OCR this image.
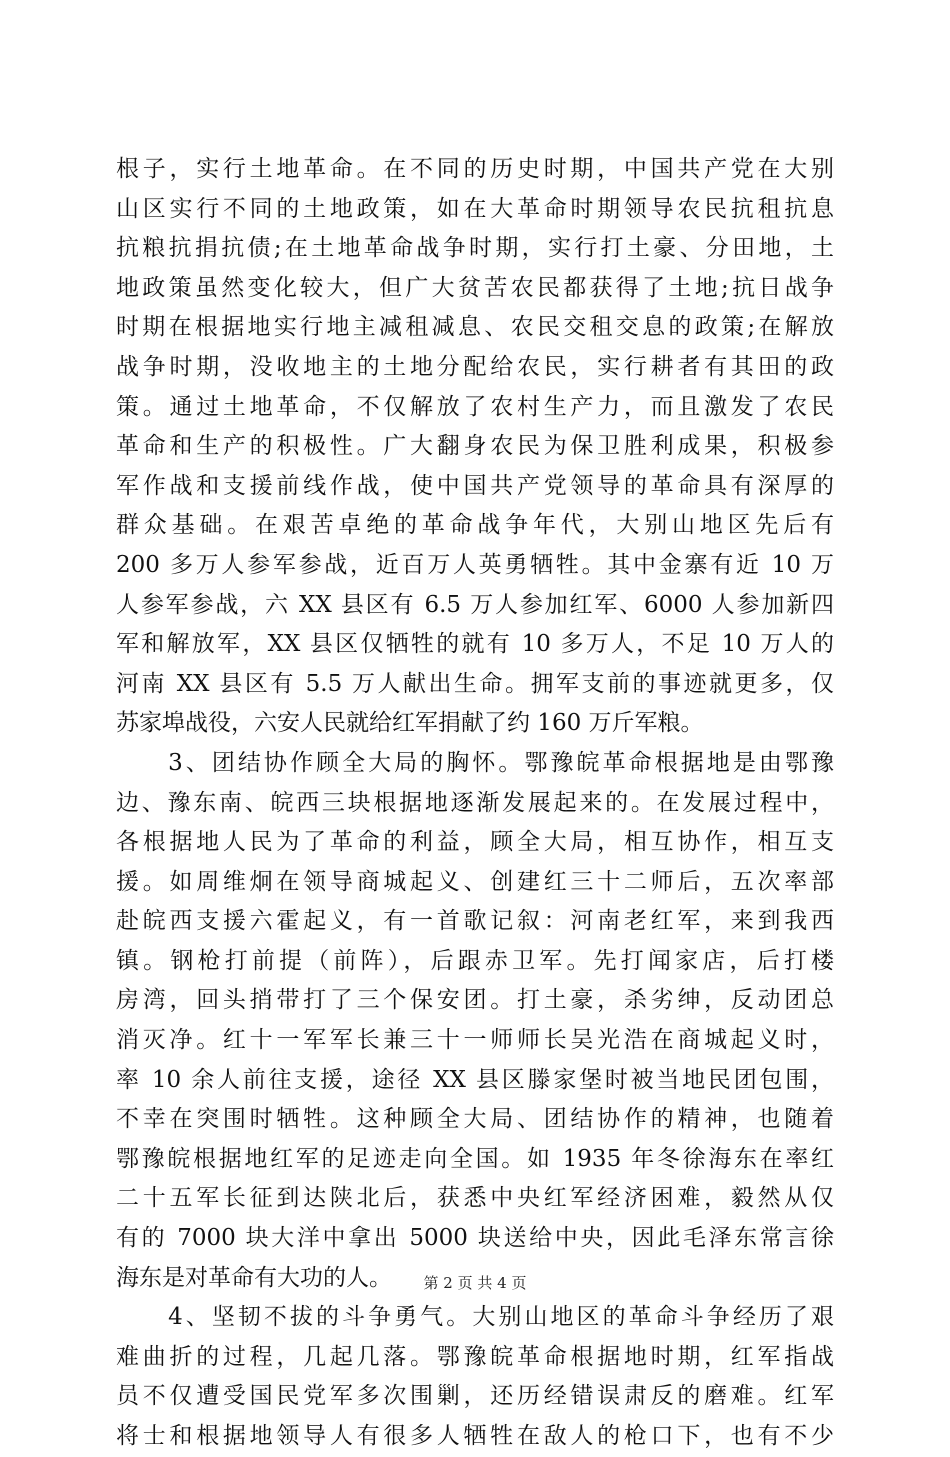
根子，实行土地革命。在不同的历史时期，中国共产党在大别
山区实行不同的土地政策，如在大革命时期领导农民抗租抗息
抗粮抗捐抗债;在土地革命战争时期，实行打土豪、分田地，土
地政策虽然变化较大，但广大贫苦农民都获得了土地;抗日战争
时期在根据地实行地主减租减息、农民交租交息的政策;在解放
战争时期，没收地主的土地分配给农民，实行耕者有其田的政
策。通过土地革命，不仅解放了农村生产力，而且激发了农民
革命和生产的积极性。广大翻身农民为保卫胜利成果，积极参
军作战和支援前线作战，使中国共产党领导的革命具有深厚的
群众基础。在艰苦卓绝的革命战争年代，大别山地区先后有
200 多万人参军参战，近百万人英勇牺牲。其中金寨有近 10 万
人参军参战，六 XX 县区有 6.5 万人参加红军、6000 人参加新四
军和解放军，XX 县区仅牺牲的就有 10 多万人，不足 10 万人的
河南 XX 县区有 5.5 万人献出生命。拥军支前的事迹就更多，仅
苏家埠战役，六安人民就给红军捐献了约 160 万斤军粮。
　　3、团结协作顾全大局的胸怀。鄂豫皖革命根据地是由鄂豫
边、豫东南、皖西三块根据地逐渐发展起来的。在发展过程中，
各根据地人民为了革命的利益，顾全大局，相互协作，相互支
援。如周维炯在领导商城起义、创建红三十二师后，五次率部
赴皖西支援六霍起义，有一首歌记叙：河南老红军，来到我西
镇。钢枪打前提（前阵），后跟赤卫军。先打闻家店，后打楼
房湾，回头捎带打了三个保安团。打土豪，杀劣绅，反动团总
消灭净。红十一军军长兼三十一师师长吴光浩在商城起义时，
率 10 余人前往支援，途径 XX 县区滕家堡时被当地民团包围，
不幸在突围时牺牲。这种顾全大局、团结协作的精神，也随着
鄂豫皖根据地红军的足迹走向全国。如 1935 年冬徐海东在率红
二十五军长征到达陕北后，获悉中央红军经济困难，毅然从仅
有的 7000 块大洋中拿出 5000 块送给中央，因此毛泽东常言徐
海东是对革命有大功的人。
　　4、坚韧不拔的斗争勇气。大别山地区的革命斗争经历了艰
难曲折的过程，几起几落。鄂豫皖革命根据地时期，红军指战
员不仅遭受国民党军多次围剿，还历经错误肃反的磨难。红军
将士和根据地领导人有很多人牺牲在敌人的枪口下，也有不少
第 2 页 共 4 页
